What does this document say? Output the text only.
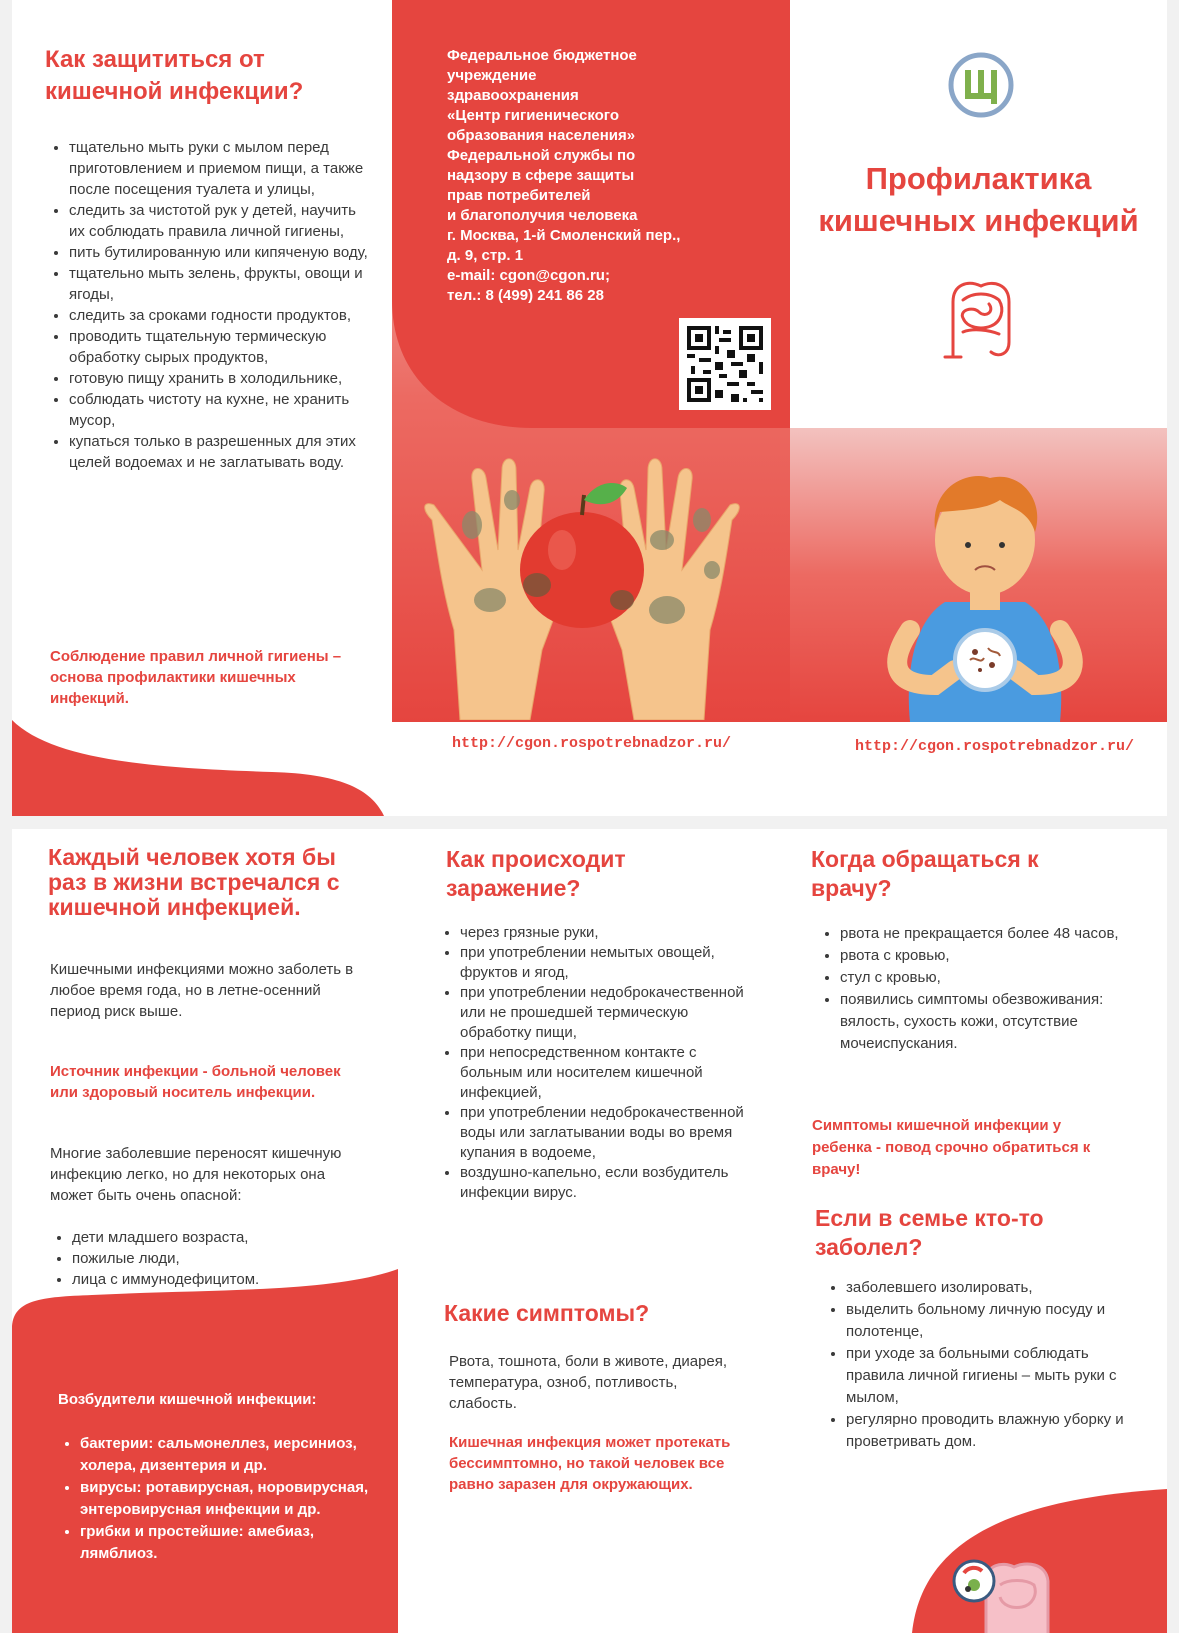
Как защититься от кишечной инфекции?
• тщательно мыть руки с мылом перед приготовлением и приемом пищи, а также после посещения туалета и улицы,
• следить за чистотой рук у детей, научить их соблюдать правила личной гигиены,
• пить бутилированную или кипяченую воду,
• тщательно мыть зелень, фрукты, овощи и ягоды,
• следить за сроками годности продуктов,
• проводить тщательную термическую обработку сырых продуктов,
• готовую пищу хранить в холодильнике,
• соблюдать чистоту на кухне, не хранить мусор,
• купаться только в разрешенных для этих целей водоемах и не заглатывать воду.

Соблюдение правил личной гигиены – основа профилактики кишечных инфекций.

Федеральное бюджетное
учреждение
здравоохранения
«Центр гигиенического
образования населения»
Федеральной службы по
надзору в сфере защиты
прав потребителей
и благополучия человека
г. Москва, 1-й Смоленский пер.,
д. 9, стр. 1
e-mail: cgon@cgon.ru;
тел.: 8 (499) 241 86 28
http://cgon.rospotrebnadzor.ru/
Профилактика
кишечных инфекций
http://cgon.rospotrebnadzor.ru/
Каждый человек хотя бы раз в жизни встречался с кишечной инфекцией.

Кишечными инфекциями можно заболеть в любое время года, но в летне-осенний период риск выше.

Источник инфекции - больной человек или здоровый носитель инфекции.

Многие заболевшие переносят кишечную инфекцию легко, но для некоторых она может быть очень опасной:

• дети младшего возраста,
• пожилые люди,
• лица с иммунодефицитом.
Возбудители кишечной инфекции:
• бактерии: сальмонеллез, иерсиниоз, холера, дизентерия и др.
• вирусы: ротавирусная, норовирусная, энтеровирусная инфекции и др.
• грибки и простейшие: амебиаз, лямблиоз.
Как происходит заражение?
• через грязные руки,
• при употреблении немытых овощей, фруктов и ягод,
• при употреблении недоброкачественной или не прошедшей термическую обработку пищи,
• при непосредственном контакте с больным или носителем кишечной инфекцией,
• при употреблении недоброкачественной воды или заглатывании воды во время купания в водоеме,
• воздушно-капельно, если возбудитель инфекции вирус.
Какие симптомы?

Рвота, тошнота, боли в животе, диарея, температура, озноб, потливость, слабость.

Кишечная инфекция может протекать бессимптомно, но такой человек все равно заразен для окружающих.

Когда обращаться к врачу?
• рвота не прекращается более 48 часов,
• рвота с кровью,
• стул с кровью,
• появились симптомы обезвоживания: вялость, сухость кожи, отсутствие мочеиспускания.

Симптомы кишечной инфекции у ребенка - повод срочно обратиться к врачу!

Если в семье кто-то заболел?
• заболевшего изолировать,
• выделить больному личную посуду и полотенце,
• при уходе за больными соблюдать правила личной гигиены – мыть руки с мылом,
• регулярно проводить влажную уборку и проветривать дом.
